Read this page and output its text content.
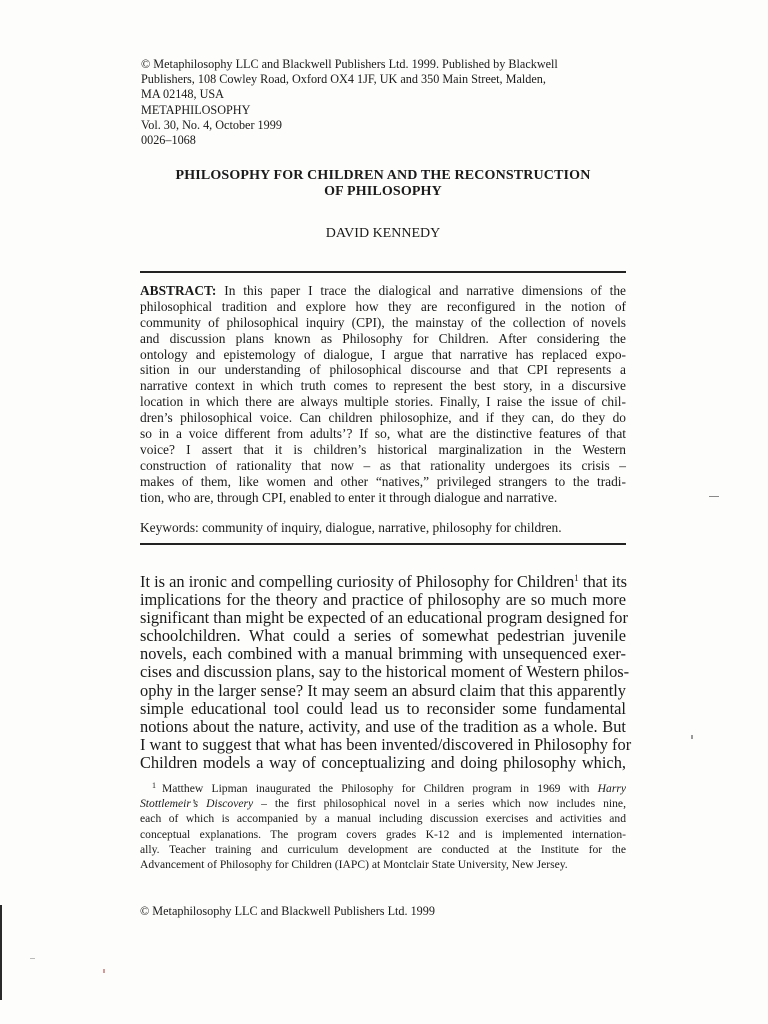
© Metaphilosophy LLC and Blackwell Publishers Ltd. 1999. Published by Blackwell
Publishers, 108 Cowley Road, Oxford OX4 1JF, UK and 350 Main Street, Malden,
MA 02148, USA
METAPHILOSOPHY
Vol. 30, No. 4, October 1999
0026–1068
PHILOSOPHY FOR CHILDREN AND THE RECONSTRUCTION
OF PHILOSOPHY
DAVID KENNEDY
ABSTRACT: In this paper I trace the dialogical and narrative dimensions of the
philosophical tradition and explore how they are reconfigured in the notion of
community of philosophical inquiry (CPI), the mainstay of the collection of novels
and discussion plans known as Philosophy for Children. After considering the
ontology and epistemology of dialogue, I argue that narrative has replaced expo-
sition in our understanding of philosophical discourse and that CPI represents a
narrative context in which truth comes to represent the best story, in a discursive
location in which there are always multiple stories. Finally, I raise the issue of chil-
dren’s philosophical voice. Can children philosophize, and if they can, do they do
so in a voice different from adults’? If so, what are the distinctive features of that
voice? I assert that it is children’s historical marginalization in the Western
construction of rationality that now – as that rationality undergoes its crisis –
makes of them, like women and other “natives,” privileged strangers to the tradi-
tion, who are, through CPI, enabled to enter it through dialogue and narrative.
Keywords: community of inquiry, dialogue, narrative, philosophy for children.
It is an ironic and compelling curiosity of Philosophy for Children$^1$ that its
implications for the theory and practice of philosophy are so much more
significant than might be expected of an educational program designed for
schoolchildren. What could a series of somewhat pedestrian juvenile
novels, each combined with a manual brimming with unsequenced exer-
cises and discussion plans, say to the historical moment of Western philos-
ophy in the larger sense? It may seem an absurd claim that this apparently
simple educational tool could lead us to reconsider some fundamental
notions about the nature, activity, and use of the tradition as a whole. But
I want to suggest that what has been invented/discovered in Philosophy for
Children models a way of conceptualizing and doing philosophy which,
$^1$ Matthew Lipman inaugurated the Philosophy for Children program in 1969 with Harry
Stottlemeir’s Discovery – the first philosophical novel in a series which now includes nine,
each of which is accompanied by a manual including discussion exercises and activities and
conceptual explanations. The program covers grades K-12 and is implemented internation-
ally. Teacher training and curriculum development are conducted at the Institute for the
Advancement of Philosophy for Children (IAPC) at Montclair State University, New Jersey.
© Metaphilosophy LLC and Blackwell Publishers Ltd. 1999
